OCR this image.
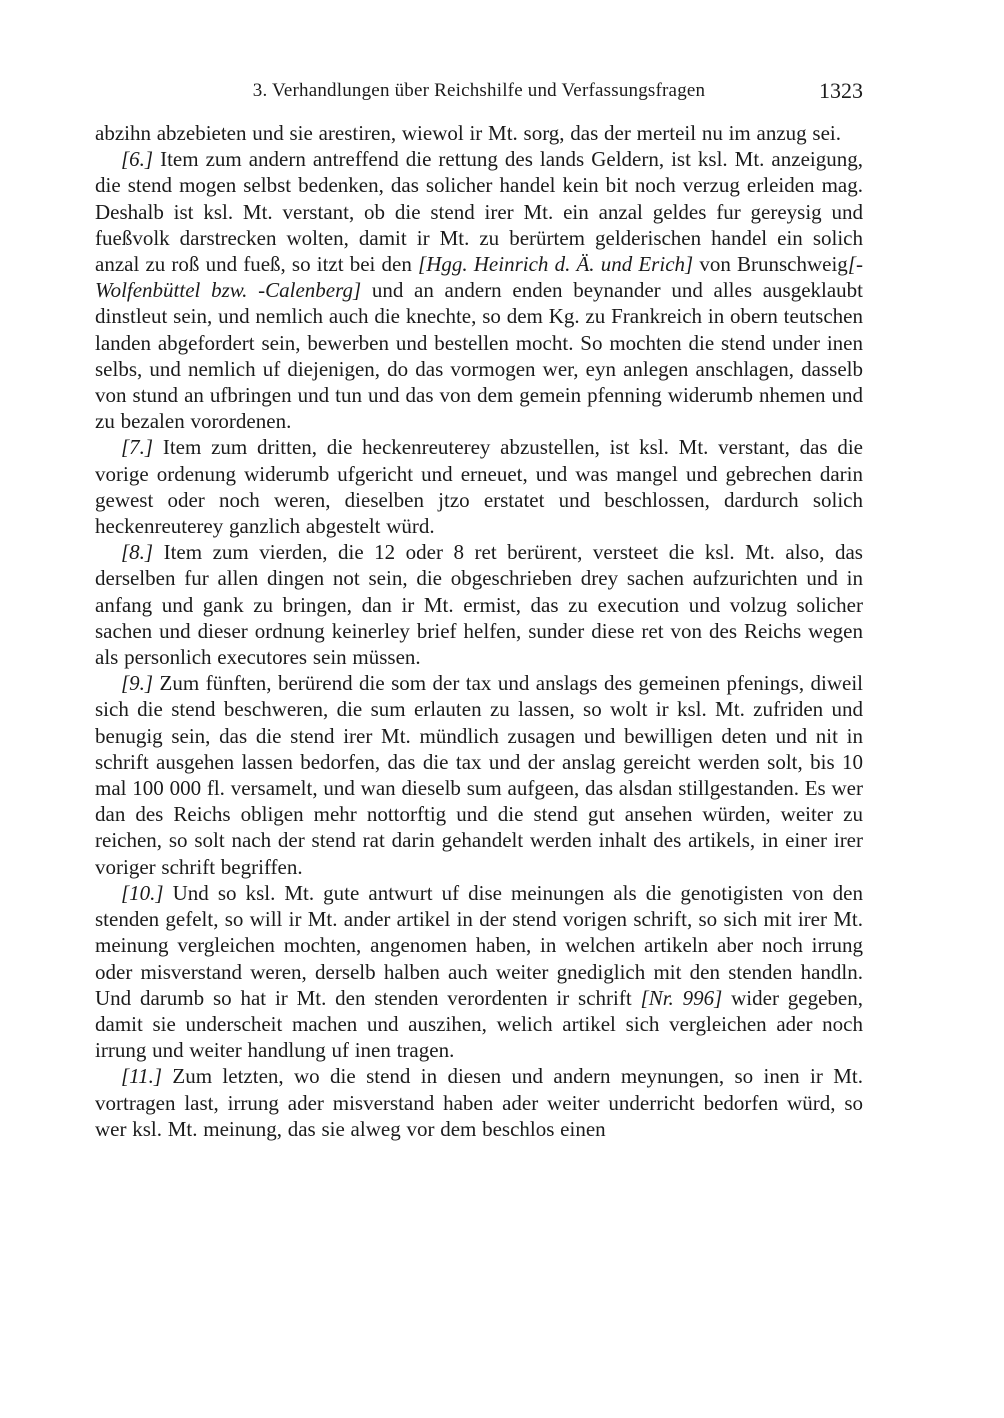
3. Verhandlungen über Reichshilfe und Verfassungsfragen	1323

abzihn abzebieten und sie arestiren, wiewol ir Mt. sorg, das der merteil nu im anzug sei.

[6.] Item zum andern antreffend die rettung des lands Geldern, ist ksl. Mt. anzeigung, die stend mogen selbst bedenken, das solicher handel kein bit noch verzug erleiden mag. Deshalb ist ksl. Mt. verstant, ob die stend irer Mt. ein anzal geldes fur gereysig und fueßvolk darstrecken wolten, damit ir Mt. zu berürtem gelderischen handel ein solich anzal zu roß und fueß, so itzt bei den [Hgg. Heinrich d. Ä. und Erich] von Brunschweig[-Wolfenbüttel bzw. -Calenberg] und an andern enden beynander und alles ausgeklaubt dinstleut sein, und nemlich auch die knechte, so dem Kg. zu Frankreich in obern teutschen landen abgefordert sein, bewerben und bestellen mocht. So mochten die stend under inen selbs, und nemlich uf diejenigen, do das vormogen wer, eyn anlegen anschlagen, dasselb von stund an ufbringen und tun und das von dem gemein pfenning widerumb nhemen und zu bezalen vorordenen.

[7.] Item zum dritten, die heckenreuterey abzustellen, ist ksl. Mt. verstant, das die vorige ordenung widerumb ufgericht und erneuet, und was mangel und gebrechen darin gewest oder noch weren, dieselben jtzo erstatet und beschlossen, dardurch solich heckenreuterey ganzlich abgestelt würd.

[8.] Item zum vierden, die 12 oder 8 ret berürent, versteet die ksl. Mt. also, das derselben fur allen dingen not sein, die obgeschrieben drey sachen aufzurichten und in anfang und gank zu bringen, dan ir Mt. ermist, das zu execution und volzug solicher sachen und dieser ordnung keinerley brief helfen, sunder diese ret von des Reichs wegen als personlich executores sein müssen.

[9.] Zum fünften, berürend die som der tax und anslags des gemeinen pfenings, diweil sich die stend beschweren, die sum erlauten zu lassen, so wolt ir ksl. Mt. zufriden und benugig sein, das die stend irer Mt. mündlich zusagen und bewilligen deten und nit in schrift ausgehen lassen bedorfen, das die tax und der anslag gereicht werden solt, bis 10 mal 100 000 fl. versamelt, und wan dieselb sum aufgeen, das alsdan stillgestanden. Es wer dan des Reichs obligen mehr nottorftig und die stend gut ansehen würden, weiter zu reichen, so solt nach der stend rat darin gehandelt werden inhalt des artikels, in einer irer voriger schrift begriffen.

[10.] Und so ksl. Mt. gute antwurt uf dise meinungen als die genotigisten von den stenden gefelt, so will ir Mt. ander artikel in der stend vorigen schrift, so sich mit irer Mt. meinung vergleichen mochten, angenomen haben, in welchen artikeln aber noch irrung oder misverstand weren, derselb halben auch weiter gnediglich mit den stenden handln. Und darumb so hat ir Mt. den stenden verordenten ir schrift [Nr. 996] wider gegeben, damit sie underscheit machen und auszihen, welich artikel sich vergleichen ader noch irrung und weiter handlung uf inen tragen.

[11.] Zum letzten, wo die stend in diesen und andern meynungen, so inen ir Mt. vortragen last, irrung ader misverstand haben ader weiter underricht bedorfen würd, so wer ksl. Mt. meinung, das sie alweg vor dem beschlos einen
